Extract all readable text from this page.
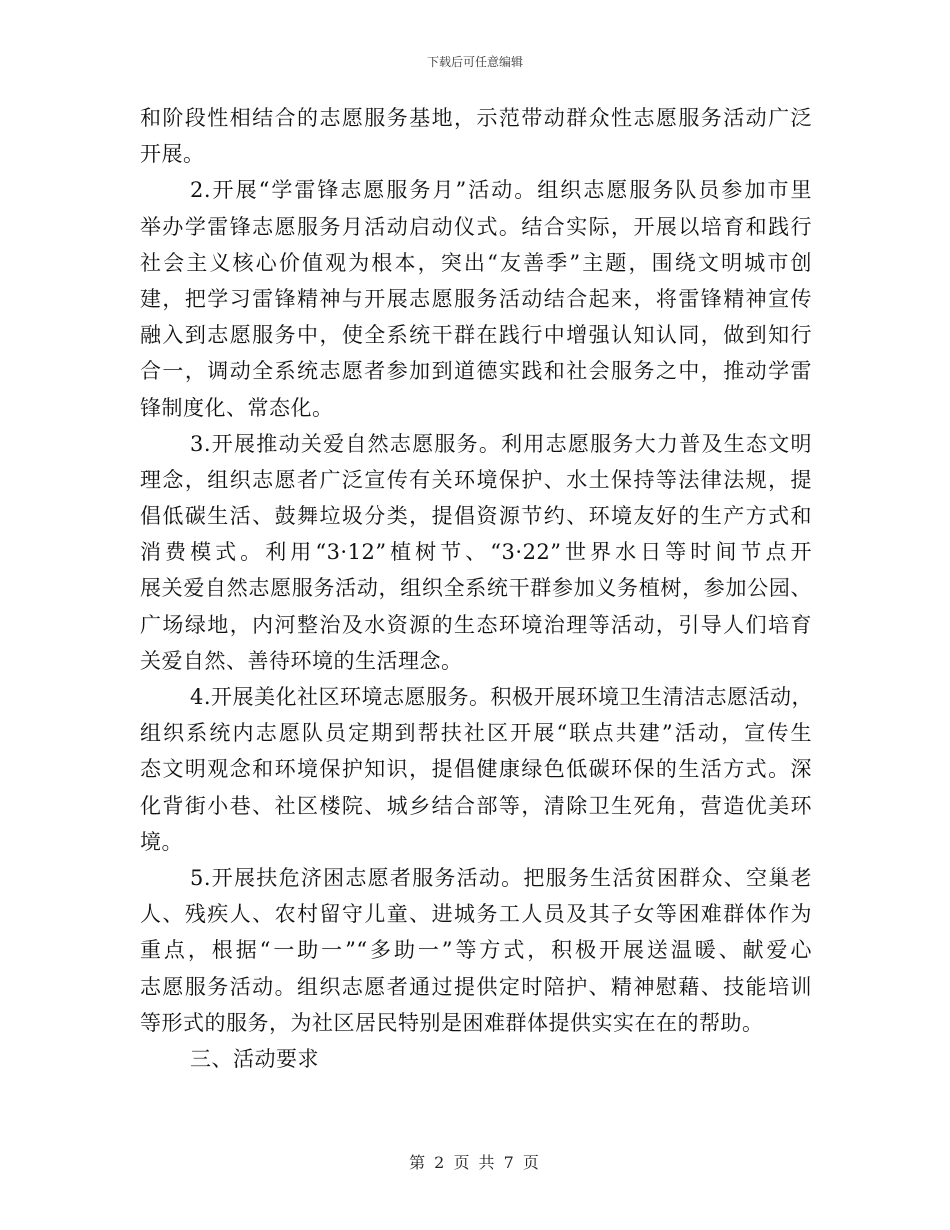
下载后可任意编辑
和阶段性相结合的志愿服务基地，示范带动群众性志愿服务活动广泛
开展。
2.开展“学雷锋志愿服务月”活动。组织志愿服务队员参加市里
举办学雷锋志愿服务月活动启动仪式。结合实际，开展以培育和践行
社会主义核心价值观为根本，突出“友善季”主题，围绕文明城市创
建，把学习雷锋精神与开展志愿服务活动结合起来，将雷锋精神宣传
融入到志愿服务中，使全系统干群在践行中增强认知认同，做到知行
合一，调动全系统志愿者参加到道德实践和社会服务之中，推动学雷
锋制度化、常态化。
3.开展推动关爱自然志愿服务。利用志愿服务大力普及生态文明
理念，组织志愿者广泛宣传有关环境保护、水土保持等法律法规，提
倡低碳生活、鼓舞垃圾分类，提倡资源节约、环境友好的生产方式和
消费模式。利用“3·12”植树节、“3·22”世界水日等时间节点开
展关爱自然志愿服务活动，组织全系统干群参加义务植树，参加公园、
广场绿地，内河整治及水资源的生态环境治理等活动，引导人们培育
关爱自然、善待环境的生活理念。
4.开展美化社区环境志愿服务。积极开展环境卫生清洁志愿活动，
组织系统内志愿队员定期到帮扶社区开展“联点共建”活动，宣传生
态文明观念和环境保护知识，提倡健康绿色低碳环保的生活方式。深
化背街小巷、社区楼院、城乡结合部等，清除卫生死角，营造优美环
境。
5.开展扶危济困志愿者服务活动。把服务生活贫困群众、空巢老
人、残疾人、农村留守儿童、进城务工人员及其子女等困难群体作为
重点，根据“一助一”“多助一”等方式，积极开展送温暖、献爱心
志愿服务活动。组织志愿者通过提供定时陪护、精神慰藉、技能培训
等形式的服务，为社区居民特别是困难群体提供实实在在的帮助。
三、活动要求
第 2 页 共 7 页
